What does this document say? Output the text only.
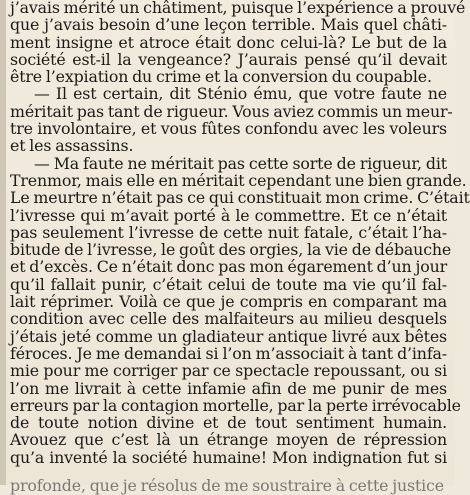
j’avais mérité un châtiment, puisque l’expérience a prouvé
que j’avais besoin d’une leçon terrible. Mais quel châti-
ment insigne et atroce était donc celui-là? Le but de la
société est-il la vengeance? J’aurais pensé qu’il devait
être l’expiation du crime et la conversion du coupable.
— Il est certain, dit Sténio ému, que votre faute ne
méritait pas tant de rigueur. Vous aviez commis un meur-
tre involontaire, et vous fûtes confondu avec les voleurs
et les assassins.
— Ma faute ne méritait pas cette sorte de rigueur, dit
Trenmor, mais elle en méritait cependant une bien grande.
Le meurtre n’était pas ce qui constituait mon crime. C’était
l’ivresse qui m’avait porté à le commettre. Et ce n’était
pas seulement l’ivresse de cette nuit fatale, c’était l’ha-
bitude de l’ivresse, le goût des orgies, la vie de débauche
et d’excès. Ce n’était donc pas mon égarement d’un jour
qu’il fallait punir, c’était celui de toute ma vie qu’il fal-
lait réprimer. Voilà ce que je compris en comparant ma
condition avec celle des malfaiteurs au milieu desquels
j’étais jeté comme un gladiateur antique livré aux bêtes
féroces. Je me demandai si l’on m’associait à tant d’infa-
mie pour me corriger par ce spectacle repoussant, ou si
l’on me livrait à cette infamie afin de me punir de mes
erreurs par la contagion mortelle, par la perte irrévocable
de toute notion divine et de tout sentiment humain.
Avouez que c’est là un étrange moyen de répression
qu’a inventé la société humaine! Mon indignation fut si
profonde, que je résolus de me soustraire à cette justice
